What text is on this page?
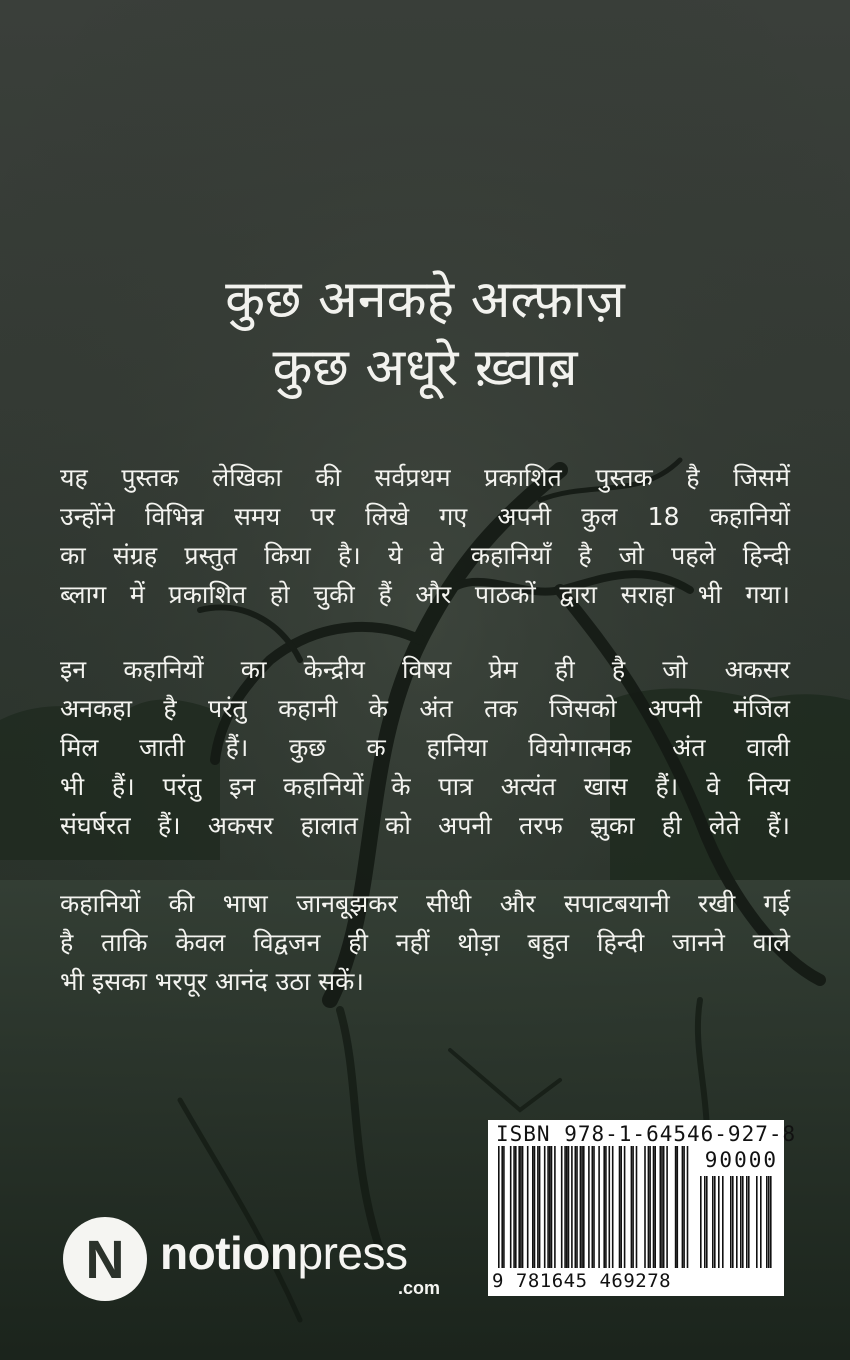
कुछ अनकहे अल्फ़ाज़
कुछ अधूरे ख़्वाब़
यह पुस्तक लेखिका की सर्वप्रथम प्रकाशित पुस्तक है जिसमें
उन्होंने विभिन्न समय पर लिखे गए अपनी कुल 18 कहानियों
का संग्रह प्रस्तुत किया है। ये वे कहानियाँ है जो पहले हिन्दी
ब्लाग में प्रकाशित हो चुकी हैं और पाठकों द्वारा सराहा भी गया।
इन कहानियों का केन्द्रीय विषय प्रेम ही है जो अकसर
अनकहा है परंतु कहानी के अंत तक जिसको अपनी मंजिल
मिल जाती हैं। कुछ क हानिया वियोगात्मक अंत वाली
भी हैं। परंतु इन कहानियों के पात्र अत्यंत खास हैं। वे नित्य
संघर्षरत हैं। अकसर हालात को अपनी तरफ झुका ही लेते हैं।
कहानियों की भाषा जानबूझकर सीधी और सपाटबयानी रखी गई
है ताकि केवल विद्वजन ही नहीं थोड़ा बहुत हिन्दी जानने वाले
भी इसका भरपूर आनंद उठा सकें।
N notionpress
.com
ISBN 978-1-64546-927-8
90000
9 781645 469278
